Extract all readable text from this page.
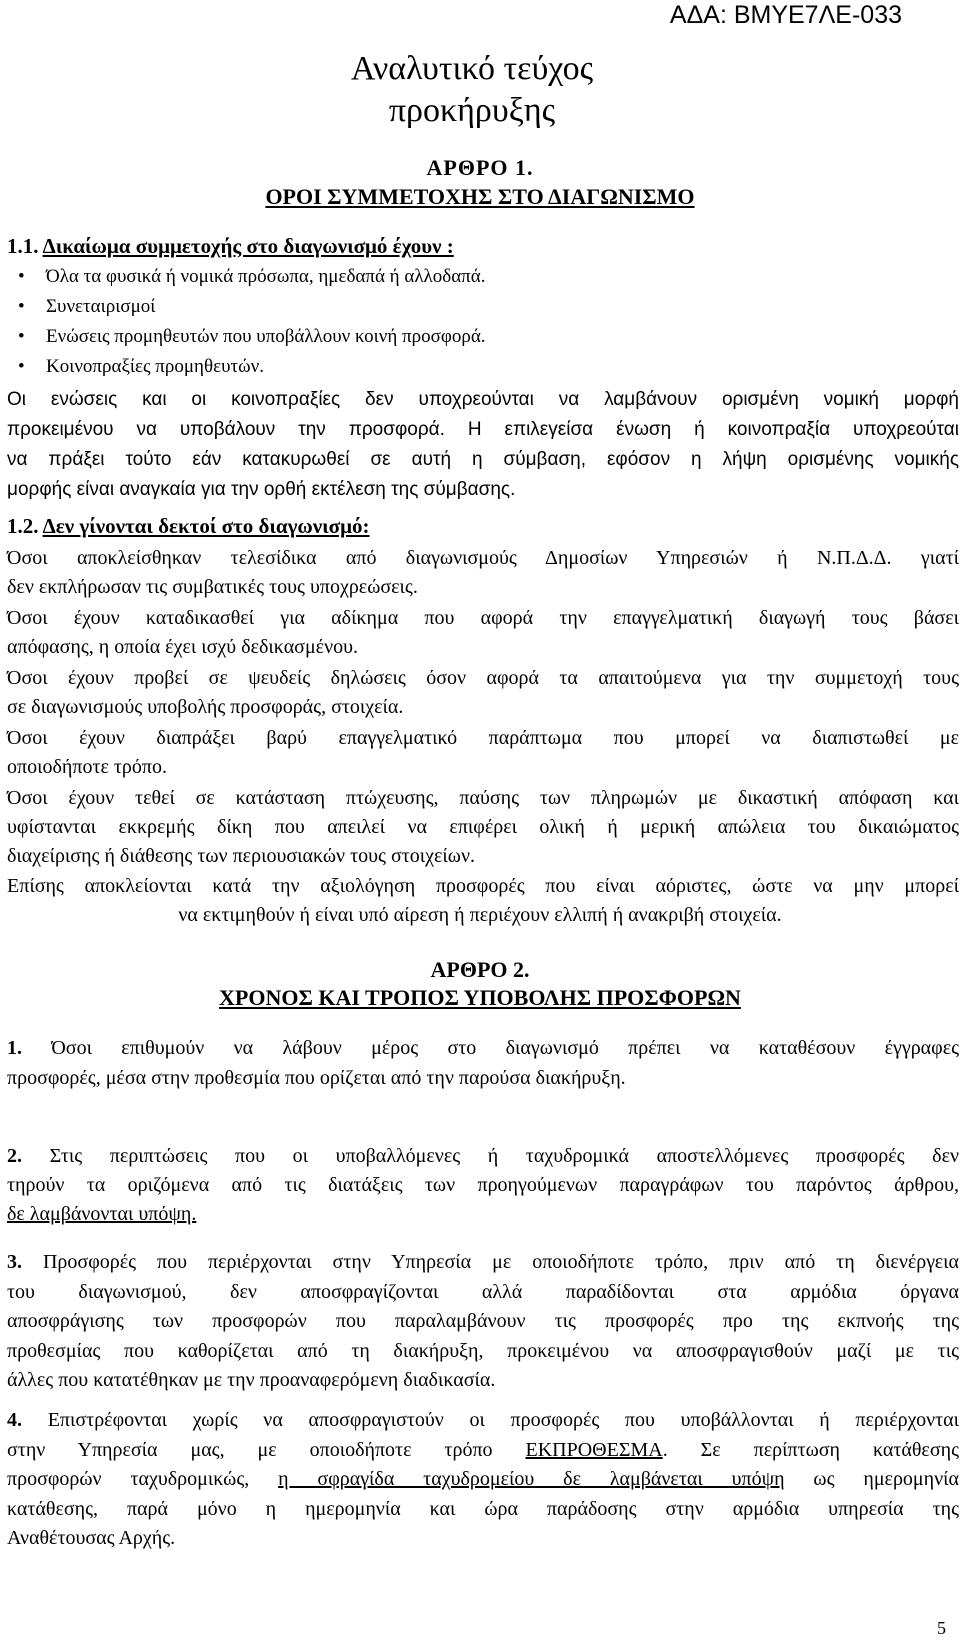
ΑΔΑ: ΒΜΥΕ7ΛΕ-033
Αναλυτικό τεύχος
προκήρυξης
ΑΡΘΡΟ 1.
ΟΡΟΙ ΣΥΜΜΕΤΟΧΗΣ ΣΤΟ ΔΙΑΓΩΝΙΣΜΟ
1.1. Δικαίωμα συμμετοχής στο διαγωνισμό έχουν :
• Όλα τα φυσικά ή νομικά πρόσωπα, ημεδαπά ή αλλοδαπά.
• Συνεταιρισμοί
• Ενώσεις προμηθευτών που υποβάλλουν κοινή προσφορά.
• Κοινοπραξίες προμηθευτών.
Οι ενώσεις και οι κοινοπραξίες δεν υποχρεούνται να λαμβάνουν ορισμένη νομική μορφή
προκειμένου να υποβάλουν την προσφορά. Η επιλεγείσα ένωση ή κοινοπραξία υποχρεούται
να πράξει τούτο εάν κατακυρωθεί σε αυτή η σύμβαση, εφόσον η λήψη ορισμένης νομικής
μορφής είναι αναγκαία για την ορθή εκτέλεση της σύμβασης.
1.2. Δεν γίνονται δεκτοί στο διαγωνισμό:
Όσοι αποκλείσθηκαν τελεσίδικα από διαγωνισμούς Δημοσίων Υπηρεσιών ή Ν.Π.Δ.Δ. γιατί
δεν εκπλήρωσαν τις συμβατικές τους υποχρεώσεις.
Όσοι έχουν καταδικασθεί για αδίκημα που αφορά την επαγγελματική διαγωγή τους βάσει
απόφασης, η οποία έχει ισχύ δεδικασμένου.
Όσοι έχουν προβεί σε ψευδείς δηλώσεις όσον αφορά τα απαιτούμενα για την συμμετοχή τους
σε διαγωνισμούς υποβολής προσφοράς, στοιχεία.
Όσοι έχουν διαπράξει βαρύ επαγγελματικό παράπτωμα που μπορεί να διαπιστωθεί με
οποιοδήποτε τρόπο.
Όσοι έχουν τεθεί σε κατάσταση πτώχευσης, παύσης των πληρωμών με δικαστική απόφαση και
υφίστανται εκκρεμής δίκη που απειλεί να επιφέρει ολική ή μερική απώλεια του δικαιώματος
διαχείρισης ή διάθεσης των περιουσιακών τους στοιχείων.
Επίσης αποκλείονται κατά την αξιολόγηση προσφορές που είναι αόριστες, ώστε να μην μπορεί
να εκτιμηθούν ή είναι υπό αίρεση ή περιέχουν ελλιπή ή ανακριβή στοιχεία.
ΑΡΘΡΟ 2.
ΧΡΟΝΟΣ ΚΑΙ ΤΡΟΠΟΣ ΥΠΟΒΟΛΗΣ ΠΡΟΣΦΟΡΩΝ
1. Όσοι επιθυμούν να λάβουν μέρος στο διαγωνισμό πρέπει να καταθέσουν έγγραφες
προσφορές, μέσα στην προθεσμία που ορίζεται από την παρούσα διακήρυξη.
2. Στις περιπτώσεις που οι υποβαλλόμενες ή ταχυδρομικά αποστελλόμενες προσφορές δεν
τηρούν τα οριζόμενα από τις διατάξεις των προηγούμενων παραγράφων του παρόντος άρθρου,
δε λαμβάνονται υπόψη.
3. Προσφορές που περιέρχονται στην Υπηρεσία με οποιοδήποτε τρόπο, πριν από τη διενέργεια
του διαγωνισμού, δεν αποσφραγίζονται αλλά παραδίδονται στα αρμόδια όργανα
αποσφράγισης των προσφορών που παραλαμβάνουν τις προσφορές προ της εκπνοής της
προθεσμίας που καθορίζεται από τη διακήρυξη, προκειμένου να αποσφραγισθούν μαζί με τις
άλλες που κατατέθηκαν με την προαναφερόμενη διαδικασία.
4. Επιστρέφονται χωρίς να αποσφραγιστούν οι προσφορές που υποβάλλονται ή περιέρχονται
στην Υπηρεσία μας, με οποιοδήποτε τρόπο ΕΚΠΡΟΘΕΣΜΑ. Σε περίπτωση κατάθεσης
προσφορών ταχυδρομικώς, η σφραγίδα ταχυδρομείου δε λαμβάνεται υπόψη ως ημερομηνία
κατάθεσης, παρά μόνο η ημερομηνία και ώρα παράδοσης στην αρμόδια υπηρεσία της
Αναθέτουσας Αρχής.
5
